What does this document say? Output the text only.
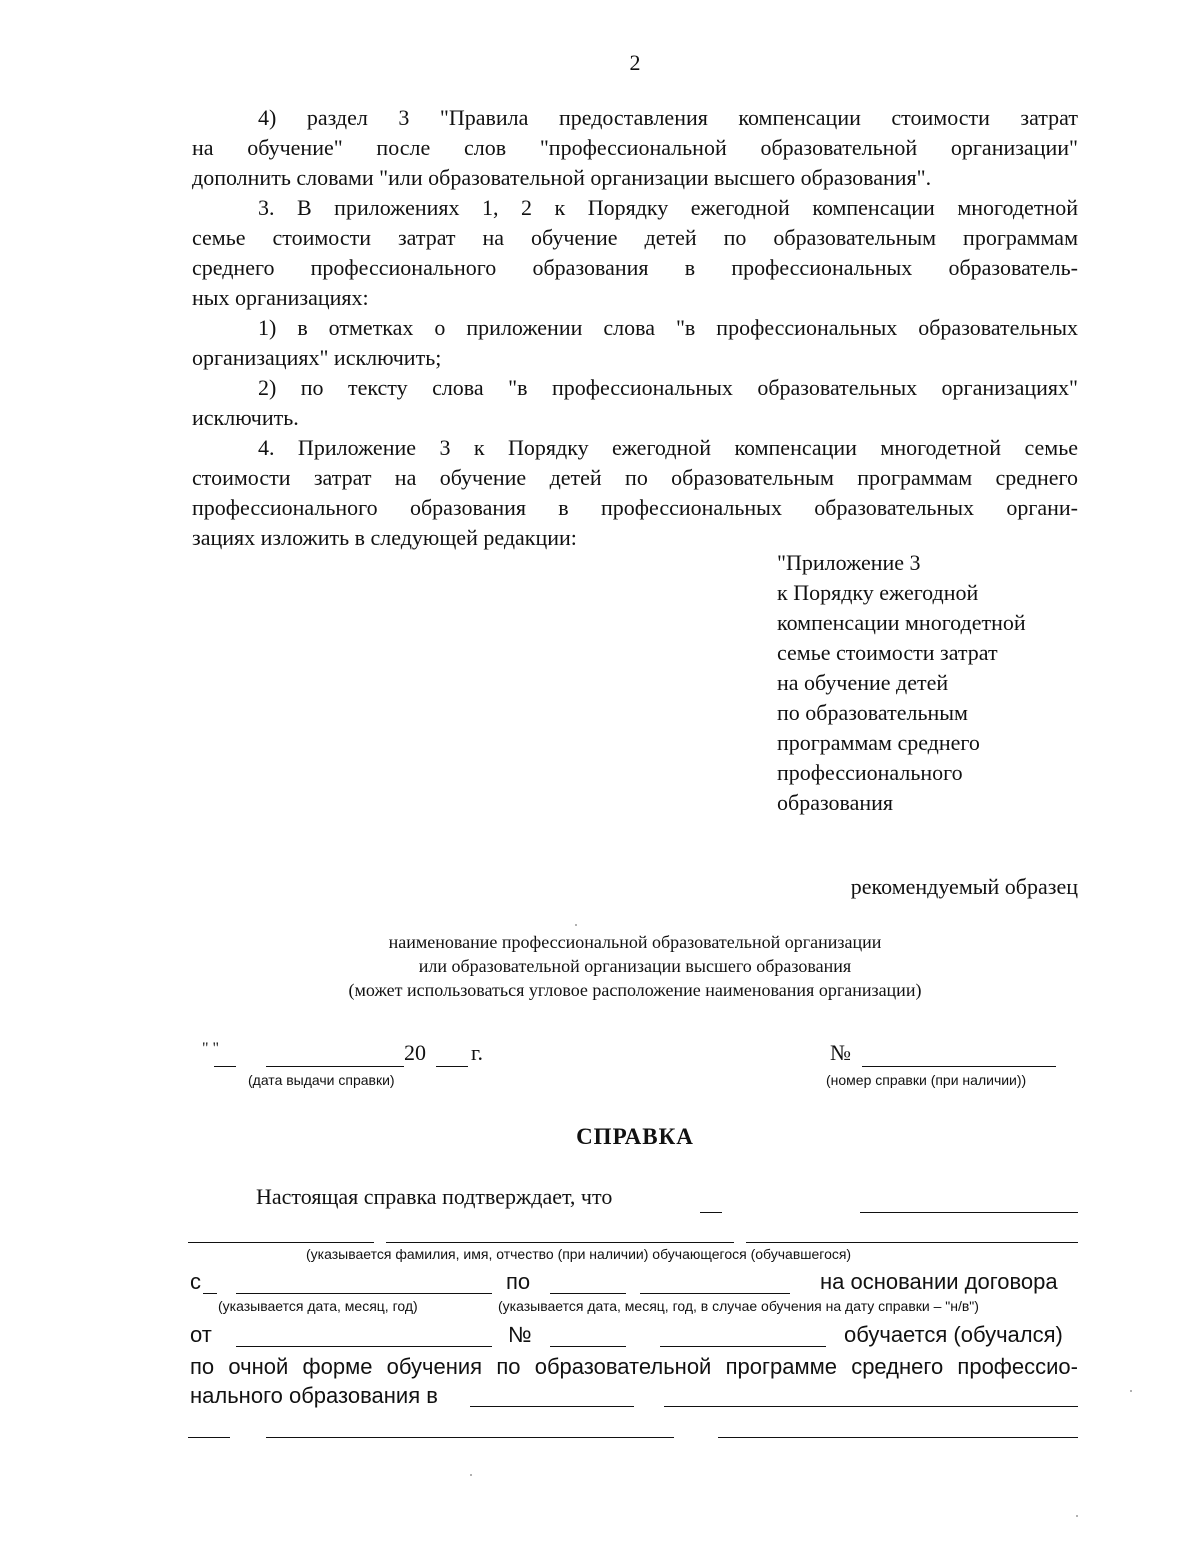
2

4) раздел 3 "Правила предоставления компенсации стоимости затрат
на обучение" после слов "профессиональной образовательной организации"
дополнить словами "или образовательной организации высшего образования".

3. В приложениях 1, 2 к Порядку ежегодной компенсации многодетной
семье стоимости затрат на обучение детей по образовательным программам
среднего профессионального образования в профессиональных образователь-
ных организациях:

1) в отметках о приложении слова "в профессиональных образовательных
организациях" исключить;

2) по тексту слова "в профессиональных образовательных организациях"
исключить.

4. Приложение 3 к Порядку ежегодной компенсации многодетной семье
стоимости затрат на обучение детей по образовательным программам среднего
профессионального образования в профессиональных образовательных органи-
зациях изложить в следующей редакции:

"Приложение 3
к Порядку ежегодной
компенсации многодетной
семье стоимости затрат
на обучение детей
по образовательным
программам среднего
профессионального
образования
рекомендуемый образец
наименование профессиональной образовательной организации
или образовательной организации высшего образования
(может использоваться угловое расположение наименования организации)
" "	20 г.
(дата выдачи справки)
№
(номер справки (при наличии))
СПРАВКА
Настоящая справка подтверждает, что
(указывается фамилия, имя, отчество (при наличии) обучающегося (обучавшегося)
с	по	на основании договора
(указывается дата, месяц, год)	(указывается дата, месяц, год, в случае обучения на дату справки – "н/в")
от	№	обучается (обучался)
по очной форме обучения по образовательной программе среднего профессио-
нального образования в
